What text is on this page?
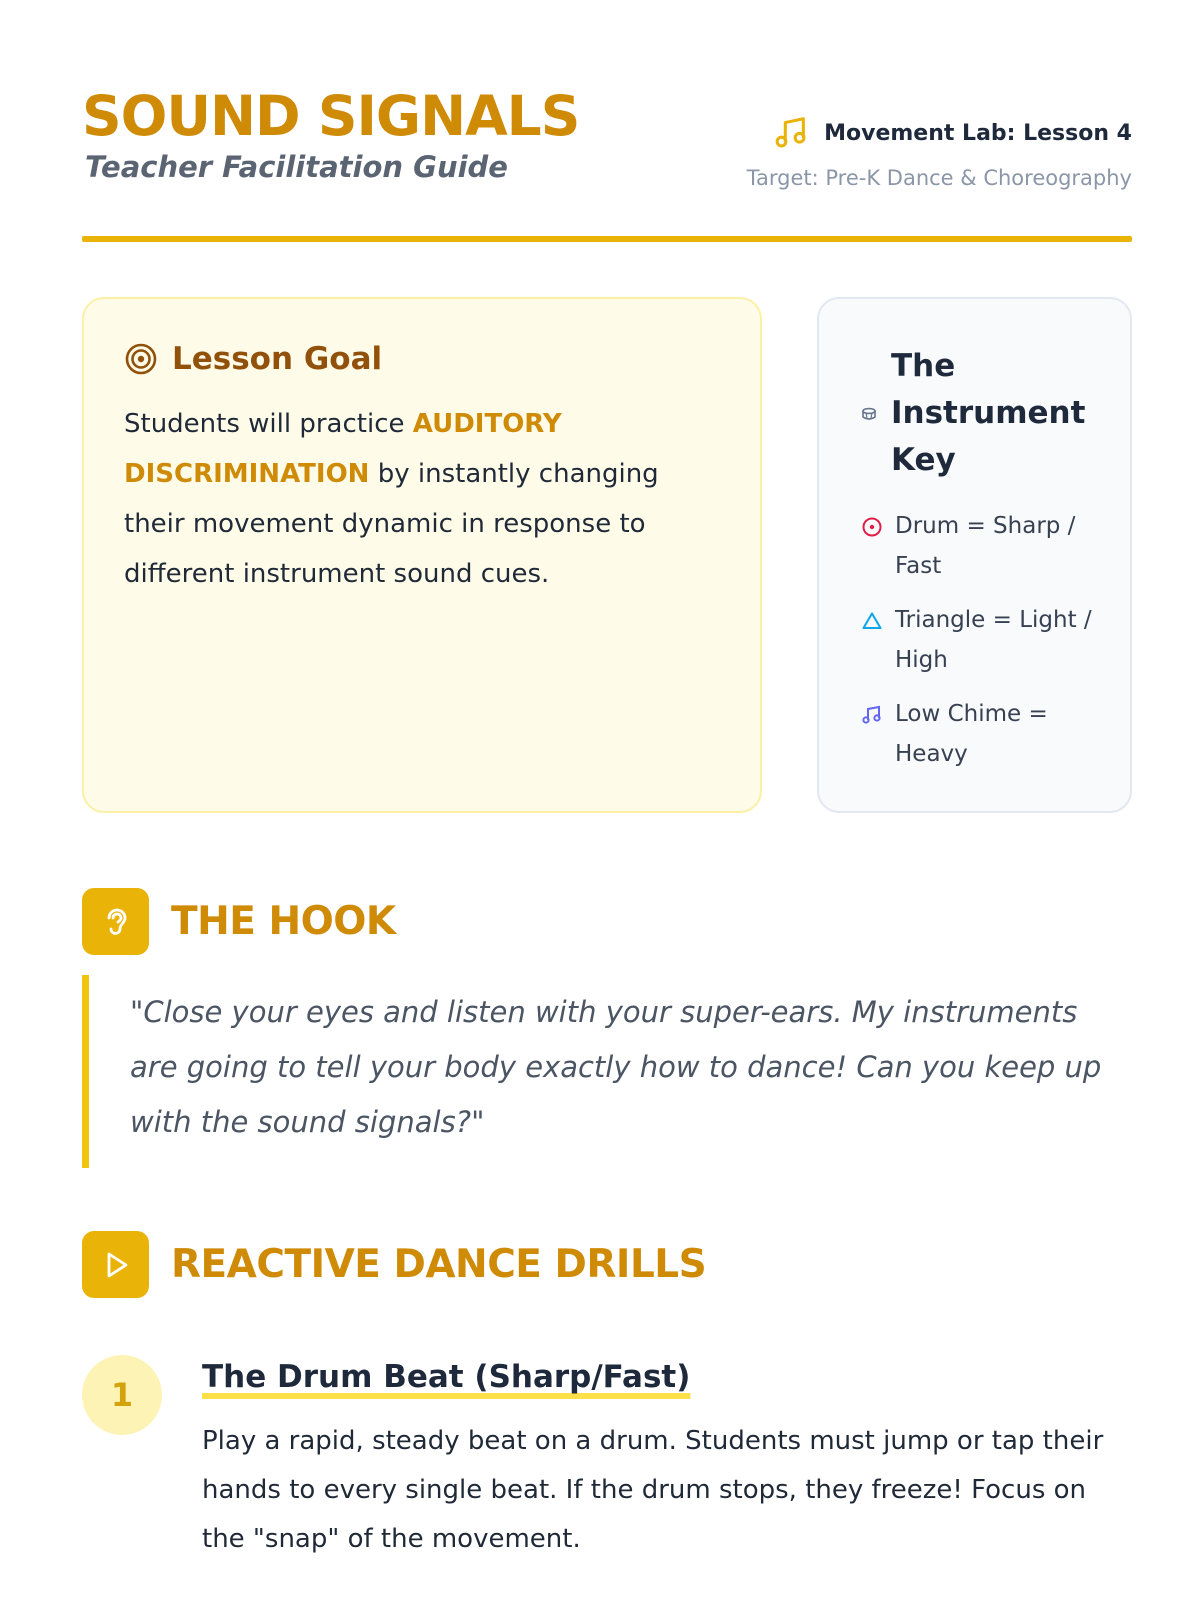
SOUND SIGNALS
Teacher Facilitation Guide
Movement Lab: Lesson 4
Target: Pre-K Dance & Choreography
Lesson Goal
Students will practice AUDITORY DISCRIMINATION by instantly changing their movement dynamic in response to different instrument sound cues.
The Instrument Key
Drum = Sharp / Fast
Triangle = Light / High
Low Chime = Heavy
THE HOOK

"Close your eyes and listen with your super-ears. My instruments are going to tell your body exactly how to dance! Can you keep up with the sound signals?"

REACTIVE DANCE DRILLS
1	The Drum Beat (Sharp/Fast)

Play a rapid, steady beat on a drum. Students must jump or tap their hands to every single beat. If the drum stops, they freeze! Focus on the "snap" of the movement.
